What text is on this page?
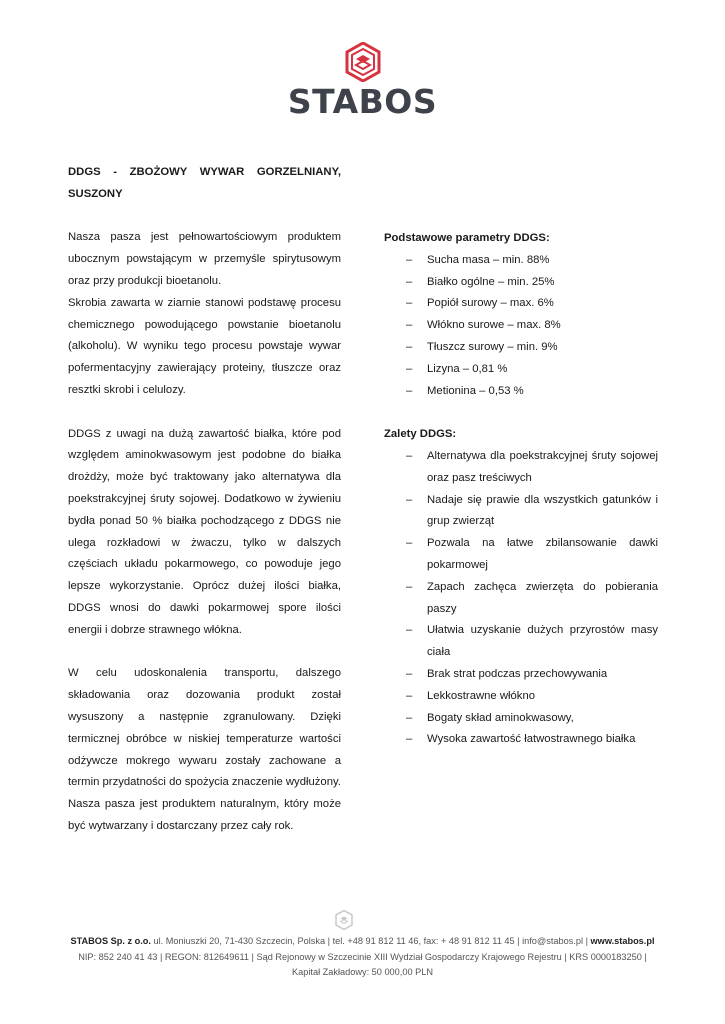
STABOS

DDGS - ZBOŻOWY WYWAR GORZELNIANY, SUSZONY

Nasza pasza jest pełnowartościowym produktem ubocznym powstającym w przemyśle spirytusowym oraz przy produkcji bioetanolu.

Skrobia zawarta w ziarnie stanowi podstawę procesu chemicznego powodującego powstanie bioetanolu (alkoholu). W wyniku tego procesu powstaje wywar pofermentacyjny zawierający proteiny, tłuszcze oraz resztki skrobi i celulozy.

DDGS z uwagi na dużą zawartość białka, które pod względem aminokwasowym jest podobne do białka drożdży, może być traktowany jako alternatywa dla poekstrakcyjnej śruty sojowej. Dodatkowo w żywieniu bydła ponad 50 % białka pochodzącego z DDGS nie ulega rozkładowi w żwaczu, tylko w dalszych częściach układu pokarmowego, co powoduje jego lepsze wykorzystanie. Oprócz dużej ilości białka, DDGS wnosi do dawki pokarmowej spore ilości energii i dobrze strawnego włókna.

W celu udoskonalenia transportu, dalszego składowania oraz dozowania produkt został wysuszony a następnie zgranulowany. Dzięki termicznej obróbce w niskiej temperaturze wartości odżywcze mokrego wywaru zostały zachowane a termin przydatności do spożycia znaczenie wydłużony.

Nasza pasza jest produktem naturalnym, który może być wytwarzany i dostarczany przez cały rok.

Podstawowe parametry DDGS:

– Sucha masa – min. 88%
– Białko ogólne – min. 25%
– Popiół surowy – max. 6%
– Włókno surowe – max. 8%
– Tłuszcz surowy – min. 9%
– Lizyna – 0,81 %
– Metionina – 0,53 %

Zalety DDGS:

– Alternatywa dla poekstrakcyjnej śruty sojowej oraz pasz treściwych
– Nadaje się prawie dla wszystkich gatunków i grup zwierząt
– Pozwala na łatwe zbilansowanie dawki pokarmowej
– Zapach zachęca zwierzęta do pobierania paszy
– Ułatwia uzyskanie dużych przyrostów masy ciała
– Brak strat podczas przechowywania
– Lekkostrawne włókno
– Bogaty skład aminokwasowy,
– Wysoka zawartość łatwostrawnego białka
STABOS Sp. z o.o. ul. Moniuszki 20, 71-430 Szczecin, Polska | tel. +48 91 812 11 46, fax: + 48 91 812 11 45 | info@stabos.pl | www.stabos.pl
NIP: 852 240 41 43 | REGON: 812649611 | Sąd Rejonowy w Szczecinie XIII Wydział Gospodarczy Krajowego Rejestru | KRS 0000183250 |
Kapitał Zakładowy: 50 000,00 PLN
